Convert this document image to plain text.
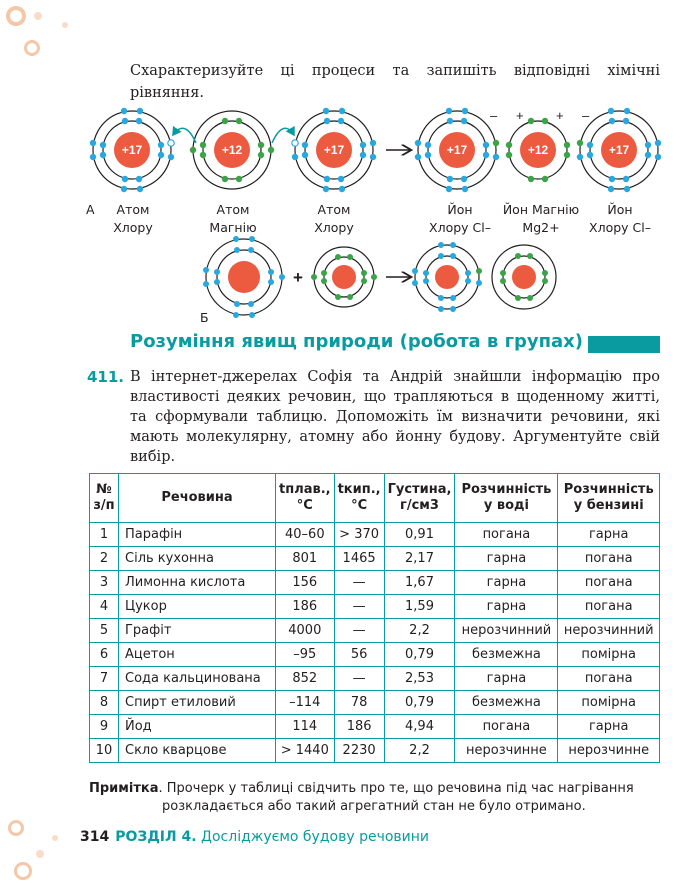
Схарактеризуйте ці процеси та запишіть відповідні хімічні рівняння.
+17	+12	+17	+17
–
+12
+ +
+17
–
+
А	Атом
Хлору
Атом
Магнію
Атом
Хлору
Йон
Хлору Cl–
Йон Магнію
Mg2+
Йон
Хлору Cl–
Б
Розуміння явищ природи (робота в групах)
411. В інтернет-джерелах Софія та Андрій знайшли інформацію про властивості деяких речовин, що трапляються в щоденному житті, та сформували таблицю. Допоможіть їм визначити речовини, які мають молекулярну, атомну або йонну будову. Аргументуйте свій вибір.
№ з/п	Речовина	tплав., °C	tкип., °C	Густина, г/см3	Розчинність у воді	Розчинність у бензині
1	Парафін	40–60	> 370	0,91	погана	гарна
2	Сіль кухонна	801	1465	2,17	гарна	погана
3	Лимонна кислота	156	—	1,67	гарна	погана
4	Цукор	186	—	1,59	гарна	погана
5	Графіт	4000	—	2,2	нерозчинний	нерозчинний
6	Ацетон	–95	56	0,79	безмежна	помірна
7	Сода кальцинована	852	—	2,53	гарна	погана
8	Спирт етиловий	–114	78	0,79	безмежна	помірна
9	Йод	114	186	4,94	погана	гарна
10	Скло кварцове	> 1440	2230	2,2	нерозчинне	нерозчинне
Примітка. Прочерк у таблиці свідчить про те, що речовина під час нагрівання
розкладається або такий агрегатний стан не було отримано.
314 РОЗДІЛ 4. Досліджуємо будову речовини
